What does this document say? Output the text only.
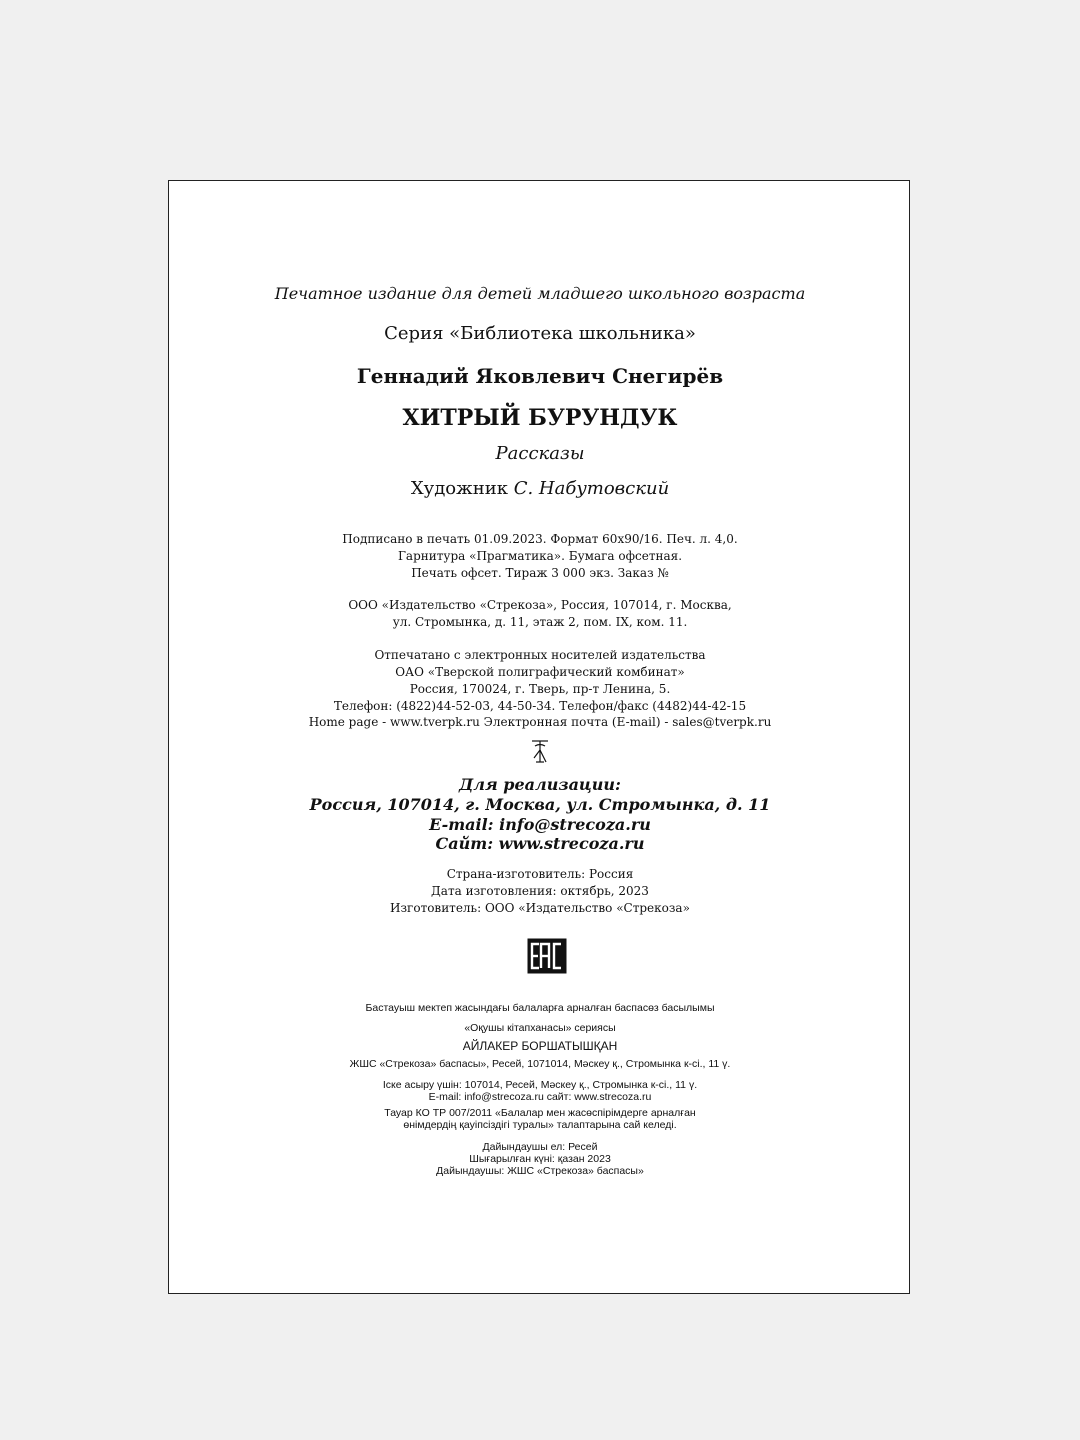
Печатное издание для детей младшего школьного возраста
Серия «Библиотека школьника»
Геннадий Яковлевич Снегирёв
ХИТРЫЙ БУРУНДУК
Рассказы
Художник С. Набутовский
Подписано в печать 01.09.2023. Формат 60x90/16. Печ. л. 4,0.
Гарнитура «Прагматика». Бумага офсетная.
Печать офсет. Тираж 3 000 экз. Заказ №
ООО «Издательство «Стрекоза», Россия, 107014, г. Москва,
ул. Стромынка, д. 11, этаж 2, пом. IX, ком. 11.
Отпечатано с электронных носителей издательства
ОАО «Тверской полиграфический комбинат»
Россия, 170024, г. Тверь, пр-т Ленина, 5.
Телефон: (4822)44-52-03, 44-50-34. Телефон/факс (4482)44-42-15
Home page - www.tverpk.ru Электронная почта (E-mail) - sales@tverpk.ru
Для реализации:
Россия, 107014, г. Москва, ул. Стромынка, д. 11
E-mail: info@strecoza.ru
Сайт: www.strecoza.ru
Страна-изготовитель: Россия
Дата изготовления: октябрь, 2023
Изготовитель: ООО «Издательство «Стрекоза»
Бастауыш мектеп жасындағы балаларға арналған баспасөз басылымы
«Оқушы кітапханасы» сериясы
АЙЛАКЕР БОРШАТЫШҚАН
ЖШС «Стрекоза» баспасы», Ресей, 1071014, Мәскеу қ., Стромынка к-сі., 11 ү.
Іске асыру үшін: 107014, Ресей, Мәскеу қ., Стромынка к-сі., 11 ү.
E-mail: info@strecoza.ru сайт: www.strecoza.ru
Тауар КО ТР 007/2011 «Балалар мен жасөспірімдерге арналған
өнімдердің қауіпсіздігі туралы» талаптарына сай келеді.
Дайындаушы ел: Ресей
Шығарылған күні: қазан 2023
Дайындаушы: ЖШС «Стрекоза» баспасы»
